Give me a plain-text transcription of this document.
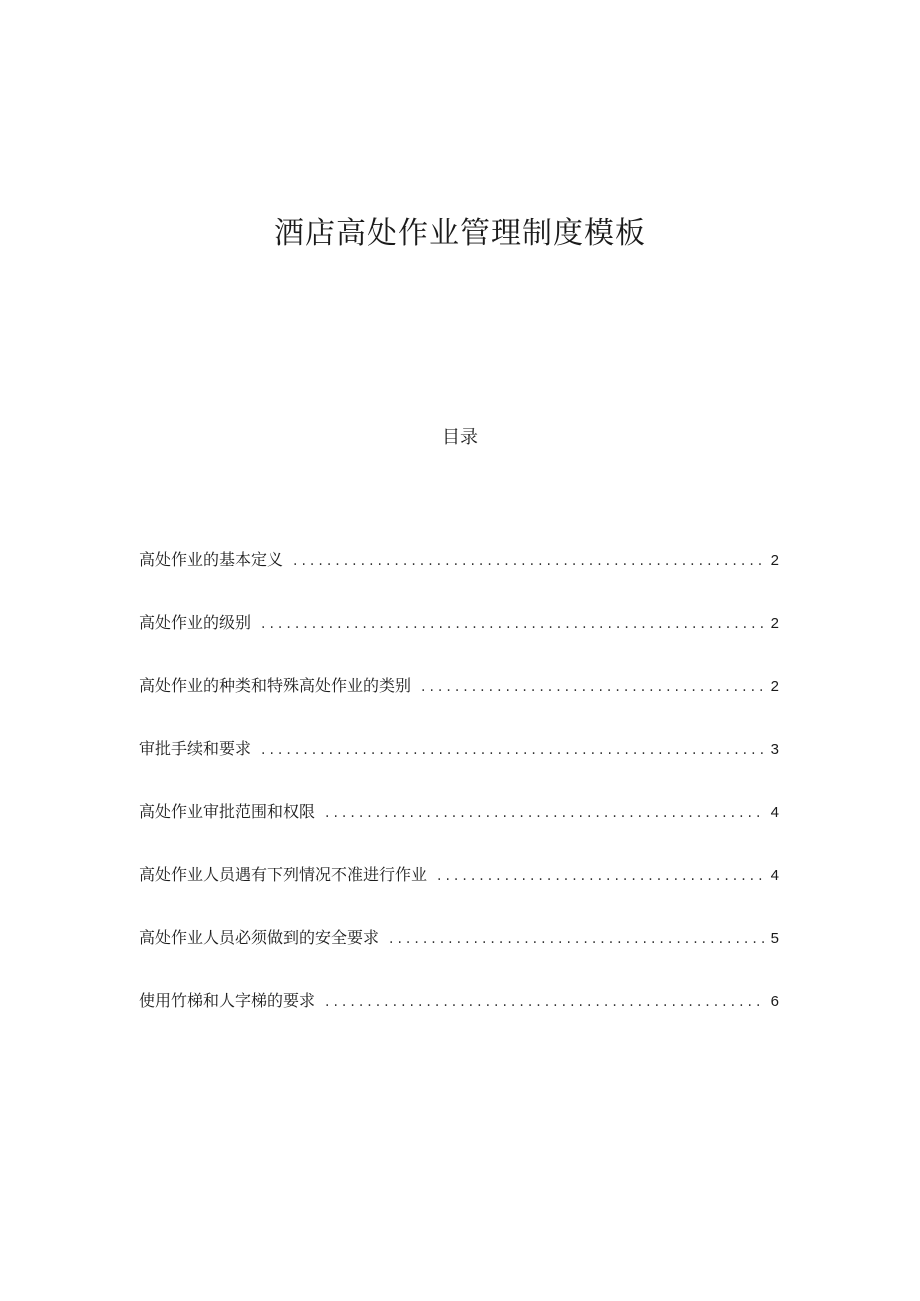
酒店高处作业管理制度模板
目录
高处作业的基本定义 .....	2
高处作业的级别 .....	2
高处作业的种类和特殊高处作业的类别 .....	2
审批手续和要求 .....	3
高处作业审批范围和权限 .....	4
高处作业人员遇有下列情况不准进行作业 .....	4
高处作业人员必须做到的安全要求 .....	5
使用竹梯和人字梯的要求 .....	6
